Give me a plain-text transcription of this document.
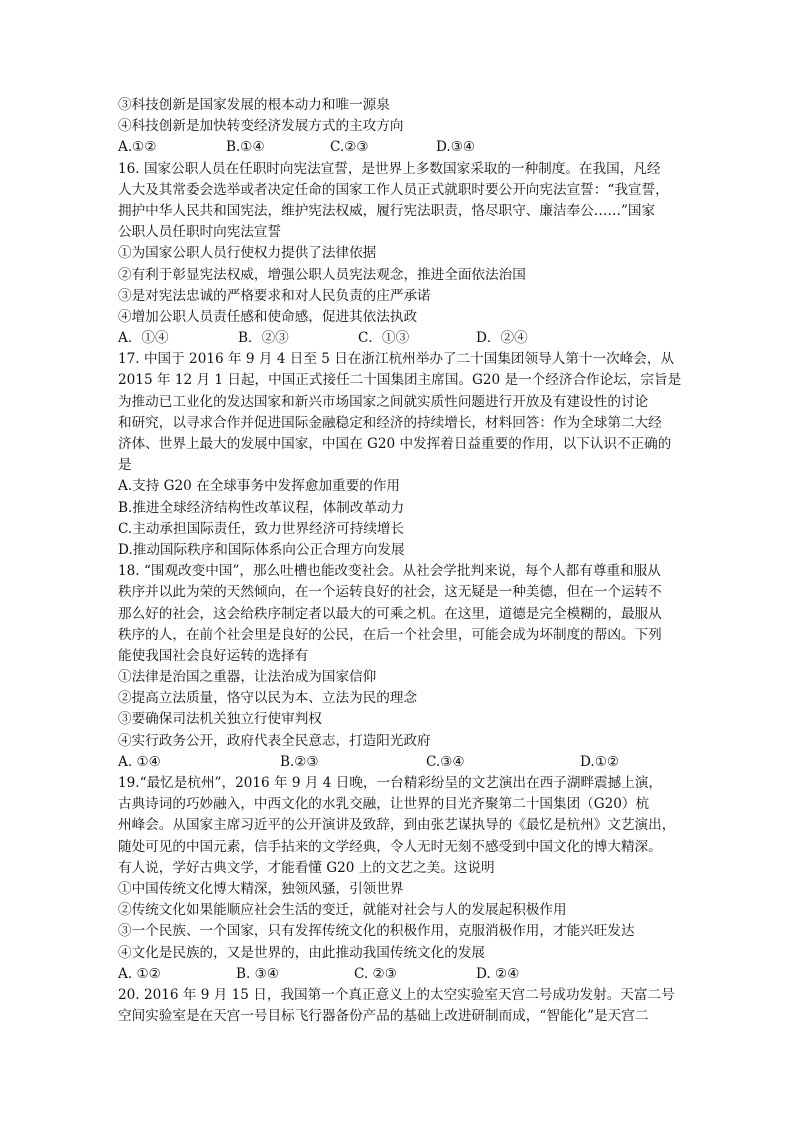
③科技创新是国家发展的根本动力和唯一源泉
④科技创新是加快转变经济发展方式的主攻方向
A.①②	B.①④	C.②③	D.③④
16. 国家公职人员在任职时向宪法宣誓，是世界上多数国家采取的一种制度。在我国，凡经
人大及其常委会选举或者决定任命的国家工作人员正式就职时要公开向宪法宣誓：“我宣誓，
拥护中华人民共和国宪法，维护宪法权威，履行宪法职责，恪尽职守、廉洁奉公……”国家
公职人员任职时向宪法宣誓
①为国家公职人员行使权力提供了法律依据
②有利于彰显宪法权威，增强公职人员宪法观念，推进全面依法治国
③是对宪法忠诚的严格要求和对人民负责的庄严承诺
④增加公职人员责任感和使命感，促进其依法执政
A．①④	B．②③	C．①③	D．②④
17. 中国于 2016 年 9 月 4 日至 5 日在浙江杭州举办了二十国集团领导人第十一次峰会，从
2015 年 12 月 1 日起，中国正式接任二十国集团主席国。G20 是一个经济合作论坛，宗旨是
为推动已工业化的发达国家和新兴市场国家之间就实质性问题进行开放及有建设性的讨论
和研究，以寻求合作并促进国际金融稳定和经济的持续增长，材料回答：作为全球第二大经
济体、世界上最大的发展中国家，中国在 G20 中发挥着日益重要的作用，以下认识不正确的
是
A.支持 G20 在全球事务中发挥愈加重要的作用
B.推进全球经济结构性改革议程，体制改革动力
C.主动承担国际责任，致力世界经济可持续增长
D.推动国际秩序和国际体系向公正合理方向发展
18. “围观改变中国”，那么吐槽也能改变社会。从社会学批判来说，每个人都有尊重和服从
秩序并以此为荣的天然倾向，在一个运转良好的社会，这无疑是一种美德，但在一个运转不
那么好的社会，这会给秩序制定者以最大的可乘之机。在这里，道德是完全模糊的，最服从
秩序的人，在前个社会里是良好的公民，在后一个社会里，可能会成为坏制度的帮凶。下列
能使我国社会良好运转的选择有
①法律是治国之重器，让法治成为国家信仰
②提高立法质量，恪守以民为本、立法为民的理念
③要确保司法机关独立行使审判权
④实行政务公开，政府代表全民意志，打造阳光政府
A. ①④	B.②③	C.③④	D.①②
19.“最忆是杭州”，2016 年 9 月 4 日晚，一台精彩纷呈的文艺演出在西子湖畔震撼上演，
古典诗词的巧妙融入，中西文化的水乳交融，让世界的目光齐聚第二十国集团（G20）杭
州峰会。从国家主席习近平的公开演讲及致辞，到由张艺谋执导的《最忆是杭州》文艺演出，
随处可见的中国元素，信手拈来的文学经典，令人无时无刻不感受到中国文化的博大精深。
有人说，学好古典文学，才能看懂 G20 上的文艺之美。这说明
①中国传统文化博大精深，独领风骚，引领世界
②传统文化如果能顺应社会生活的变迁，就能对社会与人的发展起积极作用
③一个民族、一个国家，只有发挥传统文化的积极作用，克服消极作用，才能兴旺发达
④文化是民族的，又是世界的，由此推动我国传统文化的发展
A. ①②	B. ③④	C. ②③	D. ②④
20. 2016 年 9 月 15 日，我国第一个真正意义上的太空实验室天宫二号成功发射。天富二号
空间实验室是在天宫一号目标飞行器备份产品的基础上改进研制而成，“智能化”是天宫二
